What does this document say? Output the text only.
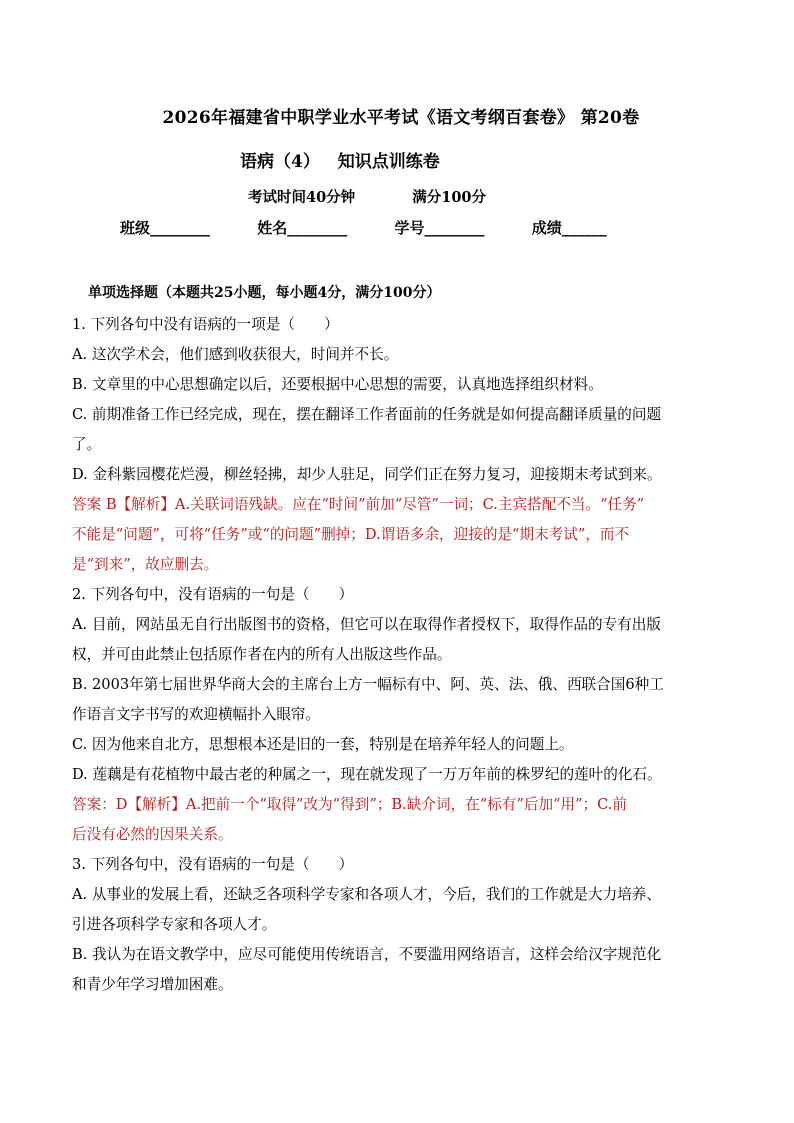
2026年福建省中职学业水平考试《语文考纲百套卷》 第20卷
语病（4） 知识点训练卷
考试时间40分钟	满分100分
班级________	姓名________	学号________	成绩______
单项选择题（本题共25小题，每小题4分，满分100分）

1. 下列各句中没有语病的一项是（　　）

A. 这次学术会，他们感到收获很大，时间并不长。

B. 文章里的中心思想确定以后，还要根据中心思想的需要，认真地选择组织材料。

C. 前期准备工作已经完成，现在，摆在翻译工作者面前的任务就是如何提高翻译质量的问题

了。

D. 金科紫园樱花烂漫，柳丝轻拂，却少人驻足，同学们正在努力复习，迎接期末考试到来。

答案 B【解析】A.关联词语残缺。应在“时间”前加“尽管”一词；C.主宾搭配不当。“任务”

不能是“问题”，可将“任务”或“的问题”删掉；D.谓语多余，迎接的是“期末考试”，而不

是“到来”，故应删去。

2. 下列各句中，没有语病的一句是（　　）

A. 目前，网站虽无自行出版图书的资格，但它可以在取得作者授权下，取得作品的专有出版

权，并可由此禁止包括原作者在内的所有人出版这些作品。

B. 2003年第七届世界华商大会的主席台上方一幅标有中、阿、英、法、俄、西联合国6种工

作语言文字书写的欢迎横幅扑入眼帘。

C. 因为他来自北方，思想根本还是旧的一套，特别是在培养年轻人的问题上。

D. 莲藕是有花植物中最古老的种属之一，现在就发现了一万万年前的株罗纪的莲叶的化石。

答案：D【解析】A.把前一个“取得”改为“得到”；B.缺介词，在“标有”后加“用”；C.前

后没有必然的因果关系。

3. 下列各句中，没有语病的一句是（　　）

A. 从事业的发展上看，还缺乏各项科学专家和各项人才，今后，我们的工作就是大力培养、

引进各项科学专家和各项人才。

B. 我认为在语文教学中，应尽可能使用传统语言，不要滥用网络语言，这样会给汉字规范化

和青少年学习增加困难。
